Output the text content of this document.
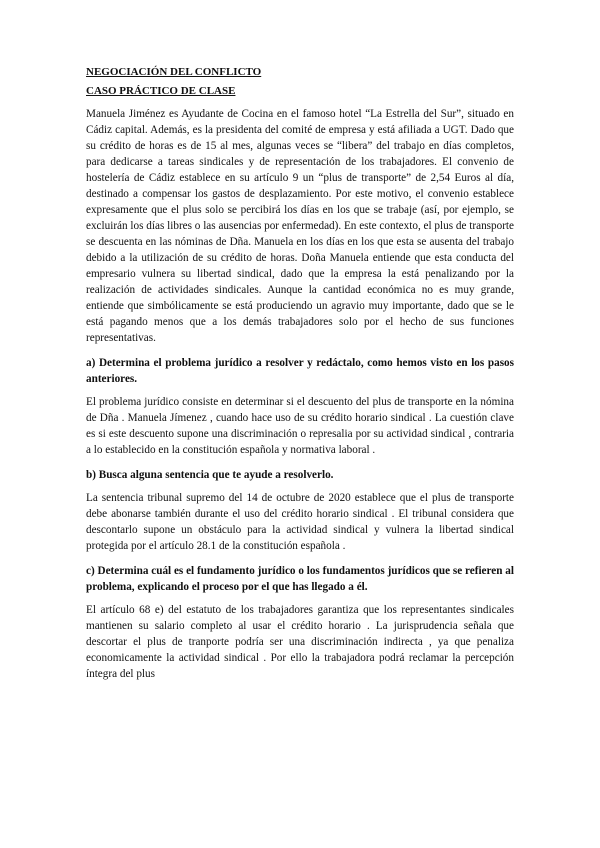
NEGOCIACIÓN DEL CONFLICTO
CASO PRÁCTICO DE CLASE

Manuela Jiménez es Ayudante de Cocina en el famoso hotel “La Estrella del Sur”, situado en Cádiz capital. Además, es la presidenta del comité de empresa y está afiliada a UGT. Dado que su crédito de horas es de 15 al mes, algunas veces se “libera” del trabajo en días completos, para dedicarse a tareas sindicales y de representación de los trabajadores. El convenio de hostelería de Cádiz establece en su artículo 9 un “plus de transporte” de 2,54 Euros al día, destinado a compensar los gastos de desplazamiento. Por este motivo, el convenio establece expresamente que el plus solo se percibirá los días en los que se trabaje (así, por ejemplo, se excluirán los días libres o las ausencias por enfermedad). En este contexto, el plus de transporte se descuenta en las nóminas de Dña. Manuela en los días en los que esta se ausenta del trabajo debido a la utilización de su crédito de horas. Doña Manuela entiende que esta conducta del empresario vulnera su libertad sindical, dado que la empresa la está penalizando por la realización de actividades sindicales. Aunque la cantidad económica no es muy grande, entiende que simbólicamente se está produciendo un agravio muy importante, dado que se le está pagando menos que a los demás trabajadores solo por el hecho de sus funciones representativas.

a) Determina el problema jurídico a resolver y redáctalo, como hemos visto en los pasos anteriores.

El problema jurídico consiste en determinar si el descuento del plus de transporte en la nómina de Dña . Manuela Jímenez , cuando hace uso de su crédito horario sindical . La cuestión clave es si este descuento supone una discriminación o represalia por su actividad sindical , contraria a lo establecido en la constitución española y normativa laboral .

b) Busca alguna sentencia que te ayude a resolverlo.

La sentencia tribunal supremo del 14 de octubre de 2020 establece que el plus de transporte debe abonarse también durante el uso del crédito horario sindical . El tribunal considera que descontarlo supone un obstáculo para la actividad sindical y vulnera la libertad sindical protegida por el artículo 28.1 de la constitución española .

c) Determina cuál es el fundamento jurídico o los fundamentos jurídicos que se refieren al problema, explicando el proceso por el que has llegado a él.

El artículo 68 e) del estatuto de los trabajadores garantiza que los representantes sindicales mantienen su salario completo al usar el crédito horario . La jurisprudencia señala que descortar el plus de tranporte podría ser una discriminación indirecta , ya que penaliza economicamente la actividad sindical . Por ello la trabajadora podrá reclamar la percepción íntegra del plus
